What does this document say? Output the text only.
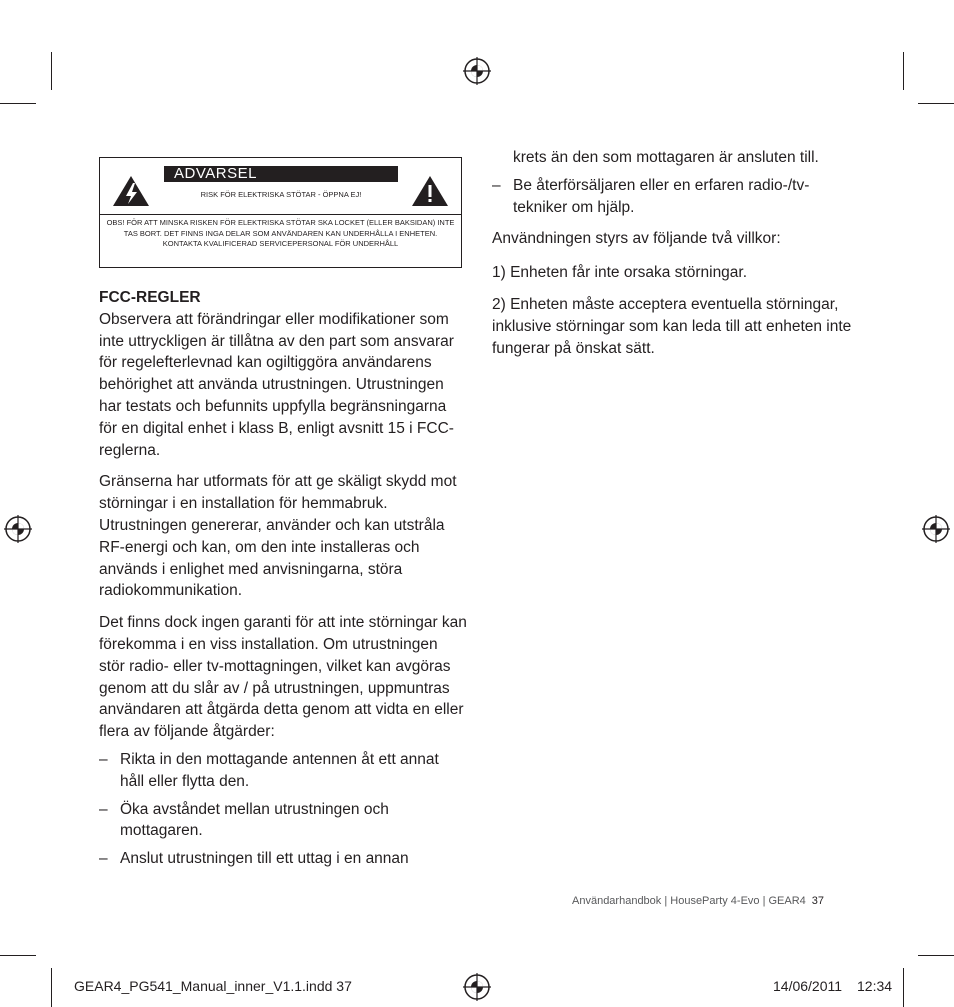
ADVARSEL
RISK FÖR ELEKTRISKA STÖTAR - ÖPPNA EJ!
OBS! FÖR ATT MINSKA RISKEN FÖR ELEKTRISKA STÖTAR SKA LOCKET (ELLER BAKSIDAN) INTE TAS BORT. DET FINNS INGA DELAR SOM ANVÄNDAREN KAN UNDERHÅLLA I ENHETEN. KONTAKTA KVALIFICERAD SERVICEPERSONAL FÖR UNDERHÅLL

FCC-REGLER

Observera att förändringar eller modifikationer som inte uttryckligen är tillåtna av den part som ansvarar för regelefterlevnad kan ogiltiggöra användarens behörighet att använda utrustningen. Utrustningen har testats och befunnits uppfylla begränsningarna för en digital enhet i klass B, enligt avsnitt 15 i FCC-reglerna.

Gränserna har utformats för att ge skäligt skydd mot störningar i en installation för hemmabruk. Utrustningen genererar, använder och kan utstråla RF-energi och kan, om den inte installeras och används i enlighet med anvisningarna, störa radiokommunikation.

Det finns dock ingen garanti för att inte störningar kan förekomma i en viss installation. Om utrustningen stör radio- eller tv-mottagningen, vilket kan avgöras genom att du slår av / på utrustningen, uppmuntras användaren att åtgärda detta genom att vidta en eller flera av följande åtgärder:

– Rikta in den mottagande antennen åt ett annat håll eller flytta den.

– Öka avståndet mellan utrustningen och mottagaren.

– Anslut utrustningen till ett uttag i en annan

krets än den som mottagaren är ansluten till.

– Be återförsäljaren eller en erfaren radio-/tv-tekniker om hjälp.

Användningen styrs av följande två villkor:

1) Enheten får inte orsaka störningar.

2) Enheten måste acceptera eventuella störningar, inklusive störningar som kan leda till att enheten inte fungerar på önskat sätt.

Användarhandbok | HouseParty 4-Evo | GEAR4 37
GEAR4_PG541_Manual_inner_V1.1.indd 37	14/06/2011 12:34
